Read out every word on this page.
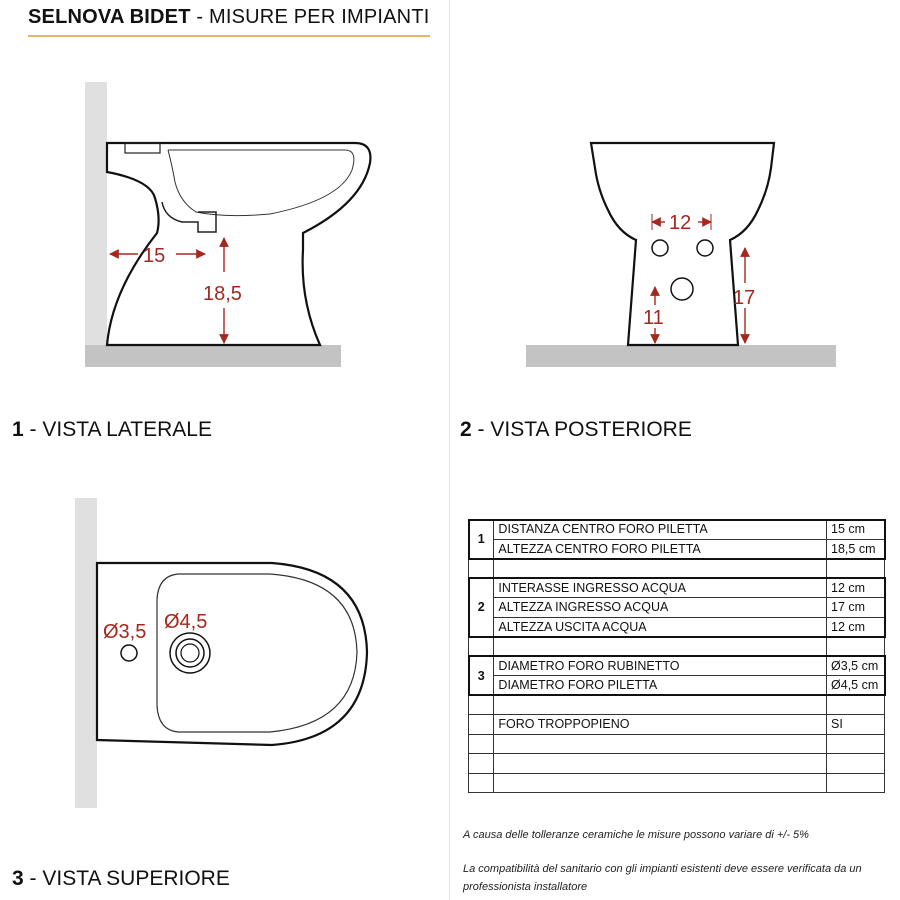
SELNOVA BIDET - MISURE PER IMPIANTI
15
18,5
12
17
11
Ø3,5 Ø4,5
1 - VISTA LATERALE	2 - VISTA POSTERIORE
3 - VISTA SUPERIORE
1	DISTANZA CENTRO FORO PILETTA	15 cm
	ALTEZZA CENTRO FORO PILETTA	18,5 cm

2	INTERASSE INGRESSO ACQUA	12 cm
	ALTEZZA INGRESSO ACQUA	17 cm
	ALTEZZA USCITA ACQUA	12 cm

3	DIAMETRO FORO RUBINETTO	Ø3,5 cm
	DIAMETRO FORO PILETTA	Ø4,5 cm

	FORO TROPPOPIENO	SI

A causa delle tolleranze ceramiche le misure possono variare di +/- 5%
La compatibilità del sanitario con gli impianti esistenti deve essere verificata da un professionista installatore
